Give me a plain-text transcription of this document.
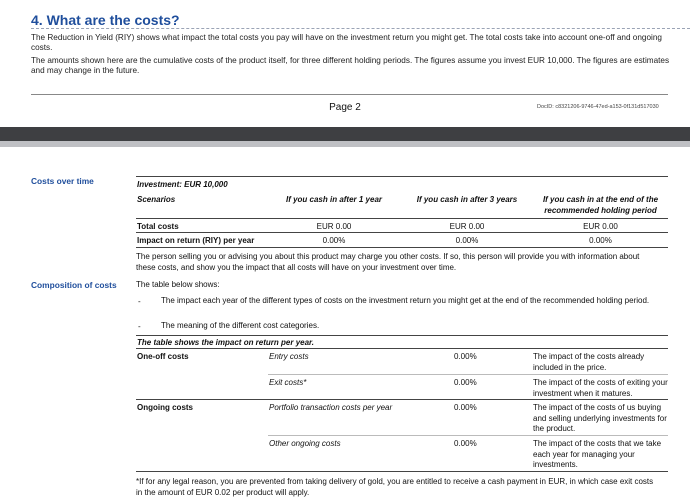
4. What are the costs?
The Reduction in Yield (RIY) shows what impact the total costs you pay will have on the investment return you might get. The total costs take into account one-off and ongoing costs.
The amounts shown here are the cumulative costs of the product itself, for three different holding periods. The figures assume you invest EUR 10,000. The figures are estimates and may change in the future.
Page 2	DocID: c8321206-9746-47ed-a153-0f131d517030
Costs over time	Investment: EUR 10,000
Scenarios	If you cash in after 1 year	If you cash in after 3 years	If you cash in at the end of the
recommended holding period
Total costs	EUR 0.00	EUR 0.00	EUR 0.00
Impact on return (RIY) per year	0.00%	0.00%	0.00%
The person selling you or advising you about this product may charge you other costs. If so, this person will provide you with information about these costs, and show you the impact that all costs will have on your investment over time.
Composition of costs The table below shows:
-	The impact each year of the different types of costs on the investment return you might get at the end of the recommended holding period.
-	The meaning of the different cost categories.
The table shows the impact on return per year.
One-off costs	Entry costs	0.00%	The impact of the costs already included in the price.
Exit costs*	0.00%	The impact of the costs of exiting your investment when it matures.
Ongoing costs	Portfolio transaction costs per year	0.00%	The impact of the costs of us buying and selling underlying investments for the product.
Other ongoing costs	0.00%	The impact of the costs that we take each year for managing your investments.
*If for any legal reason, you are prevented from taking delivery of gold, you are entitled to receive a cash payment in EUR, in which case exit costs in the amount of EUR 0.02 per product will apply.
